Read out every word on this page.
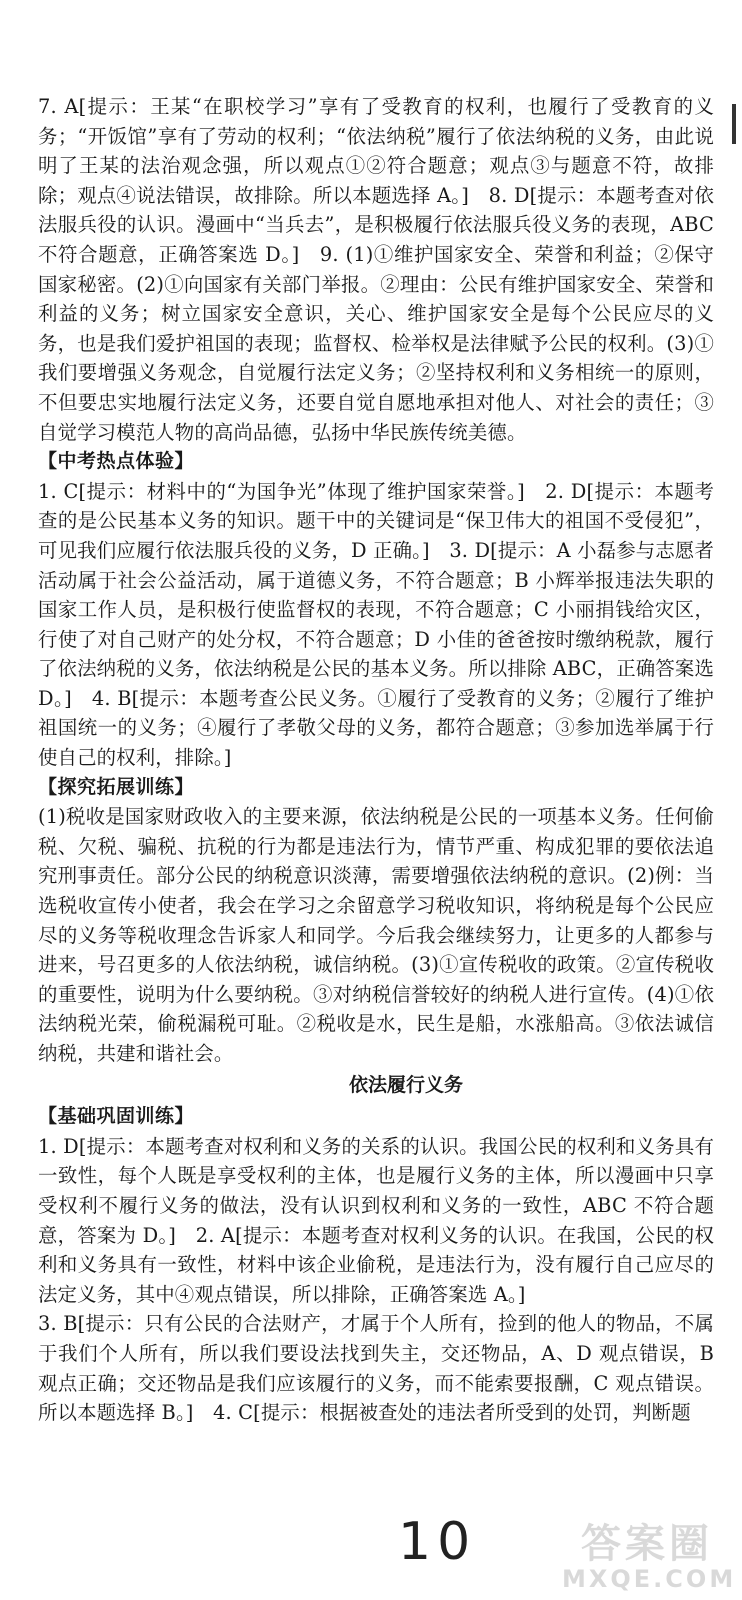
7. A[提示：王某“在职校学习”享有了受教育的权利，也履行了受教育的义务；“开饭馆”享有了劳动的权利；“依法纳税”履行了依法纳税的义务，由此说明了王某的法治观念强，所以观点①②符合题意；观点③与题意不符，故排除；观点④说法错误，故排除。所以本题选择 A。]　8. D[提示：本题考查对依法服兵役的认识。漫画中“当兵去”，是积极履行依法服兵役义务的表现，ABC 不符合题意，正确答案选 D。]　9. (1)①维护国家安全、荣誉和利益；②保守国家秘密。(2)①向国家有关部门举报。②理由：公民有维护国家安全、荣誉和利益的义务；树立国家安全意识，关心、维护国家安全是每个公民应尽的义务，也是我们爱护祖国的表现；监督权、检举权是法律赋予公民的权利。(3)①我们要增强义务观念，自觉履行法定义务；②坚持权利和义务相统一的原则，不但要忠实地履行法定义务，还要自觉自愿地承担对他人、对社会的责任；③自觉学习模范人物的高尚品德，弘扬中华民族传统美德。

【中考热点体验】

1. C[提示：材料中的“为国争光”体现了维护国家荣誉。]　2. D[提示：本题考查的是公民基本义务的知识。题干中的关键词是“保卫伟大的祖国不受侵犯”，可见我们应履行依法服兵役的义务，D 正确。]　3. D[提示：A 小磊参与志愿者活动属于社会公益活动，属于道德义务，不符合题意；B 小辉举报违法失职的国家工作人员，是积极行使监督权的表现，不符合题意；C 小丽捐钱给灾区，行使了对自己财产的处分权，不符合题意；D 小佳的爸爸按时缴纳税款，履行了依法纳税的义务，依法纳税是公民的基本义务。所以排除 ABC，正确答案选 D。]　4. B[提示：本题考查公民义务。①履行了受教育的义务；②履行了维护祖国统一的义务；④履行了孝敬父母的义务，都符合题意；③参加选举属于行使自己的权利，排除。]

【探究拓展训练】

(1)税收是国家财政收入的主要来源，依法纳税是公民的一项基本义务。任何偷税、欠税、骗税、抗税的行为都是违法行为，情节严重、构成犯罪的要依法追究刑事责任。部分公民的纳税意识淡薄，需要增强依法纳税的意识。(2)例：当选税收宣传小使者，我会在学习之余留意学习税收知识，将纳税是每个公民应尽的义务等税收理念告诉家人和同学。今后我会继续努力，让更多的人都参与进来，号召更多的人依法纳税，诚信纳税。(3)①宣传税收的政策。②宣传税收的重要性，说明为什么要纳税。③对纳税信誉较好的纳税人进行宣传。(4)①依法纳税光荣，偷税漏税可耻。②税收是水，民生是船，水涨船高。③依法诚信纳税，共建和谐社会。

依法履行义务

【基础巩固训练】

1. D[提示：本题考查对权利和义务的关系的认识。我国公民的权利和义务具有一致性，每个人既是享受权利的主体，也是履行义务的主体，所以漫画中只享受权利不履行义务的做法，没有认识到权利和义务的一致性，ABC 不符合题意，答案为 D。]　2. A[提示：本题考查对权利义务的认识。在我国，公民的权利和义务具有一致性，材料中该企业偷税，是违法行为，没有履行自己应尽的法定义务，其中④观点错误，所以排除，正确答案选 A。]

3. B[提示：只有公民的合法财产，才属于个人所有，捡到的他人的物品，不属于我们个人所有，所以我们要设法找到失主，交还物品，A、D 观点错误，B 观点正确；交还物品是我们应该履行的义务，而不能索要报酬，C 观点错误。所以本题选择 B。]　4. C[提示：根据被查处的违法者所受到的处罚，判断题

10	答案圈
MXQE.COM
